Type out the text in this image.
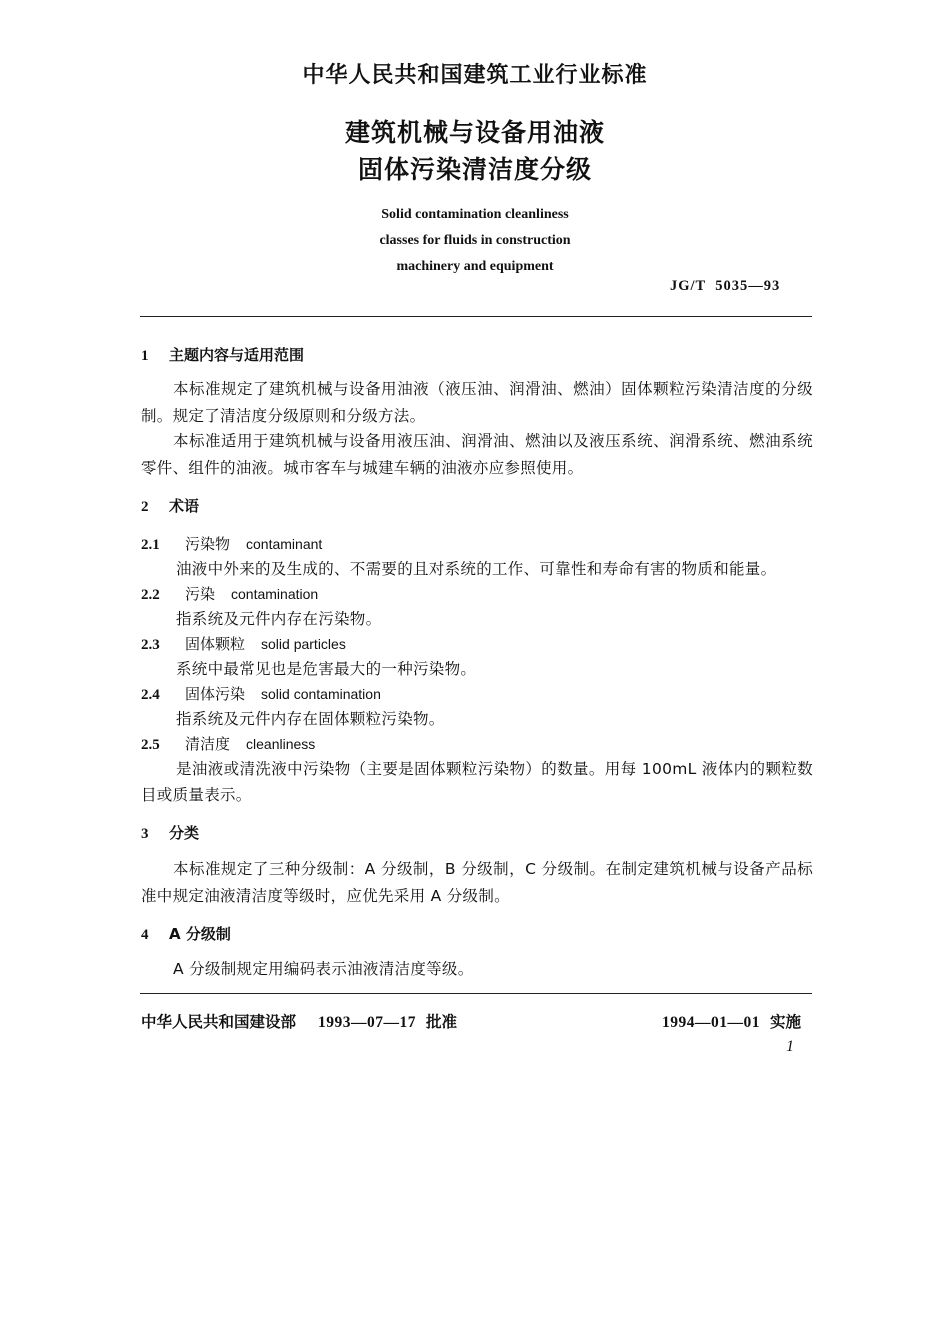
中华人民共和国建筑工业行业标准
建筑机械与设备用油液
固体污染清洁度分级
Solid contamination cleanliness
classes for fluids in construction
machinery and equipment
JG/T  5035—93
1 主题内容与适用范围
本标准规定了建筑机械与设备用油液（液压油、润滑油、燃油）固体颗粒污染清洁度的分级制。规定了清洁度分级原则和分级方法。
本标准适用于建筑机械与设备用液压油、润滑油、燃油以及液压系统、润滑系统、燃油系统零件、组件的油液。城市客车与城建车辆的油液亦应参照使用。
2 术语
2.1 污染物 contaminant
油液中外来的及生成的、不需要的且对系统的工作、可靠性和寿命有害的物质和能量。
2.2 污染 contamination
指系统及元件内存在污染物。
2.3 固体颗粒 solid particles
系统中最常见也是危害最大的一种污染物。
2.4 固体污染 solid contamination
指系统及元件内存在固体颗粒污染物。
2.5 清洁度 cleanliness
是油液或清洗液中污染物（主要是固体颗粒污染物）的数量。用每 100mL 液体内的颗粒数目或质量表示。
3 分类
本标准规定了三种分级制：A 分级制，B 分级制，C 分级制。在制定建筑机械与设备产品标准中规定油液清洁度等级时，应优先采用 A 分级制。
4 A 分级制
A 分级制规定用编码表示油液清洁度等级。
中华人民共和国建设部 1993—07—17 批准	1994—01—01 实施
1
